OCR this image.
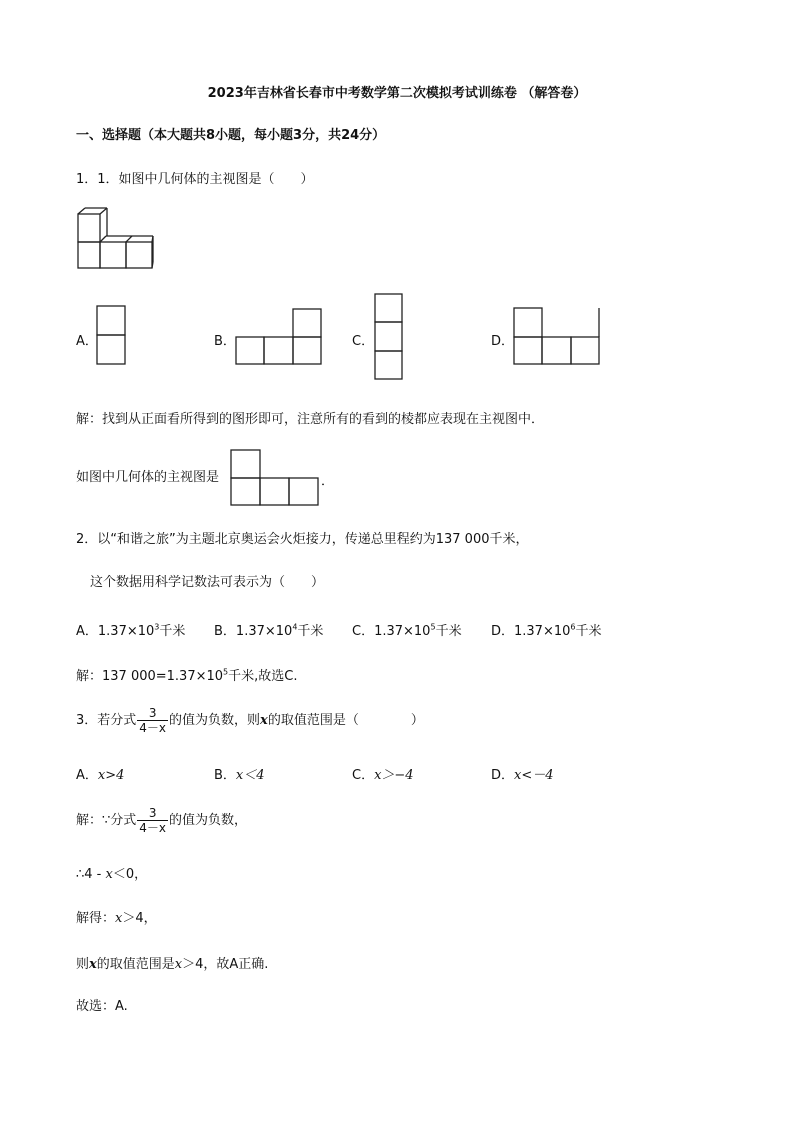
2023年吉林省长春市中考数学第二次模拟考试训练卷 （解答卷）
一、选择题（本大题共8小题，每小题3分，共24分）
1．1．如图中几何体的主视图是（　　）
A．	B．	C．	D．
解：找到从正面看所得到的图形即可，注意所有的看到的棱都应表现在主视图中．
如图中几何体的主视图是	．
2．以“和谐之旅”为主题北京奥运会火炬接力，传递总里程约为137 000千米，
这个数据用科学记数法可表示为（　　）
A．$1.37\times 10^3$千米 B．$1.37\times 10^4$千米 C．$1.37\times 10^5$千米 D．$1.37\times 10^6$千米
解：137 $000=1.37\times 10^5$千米,故选C.
3．若分式 $\frac{3}{4-x}$ 的值为负数，则x的取值范围是（　　　　）
A．x>4	B．x＜4	C．x＞−4	D．x<－4
解：∵分式 $\frac{3}{4-x}$ 的值为负数，
∴4 - x＜0，
解得：x＞4，
则x的取值范围是x＞4，故A正确.
故选：A.
